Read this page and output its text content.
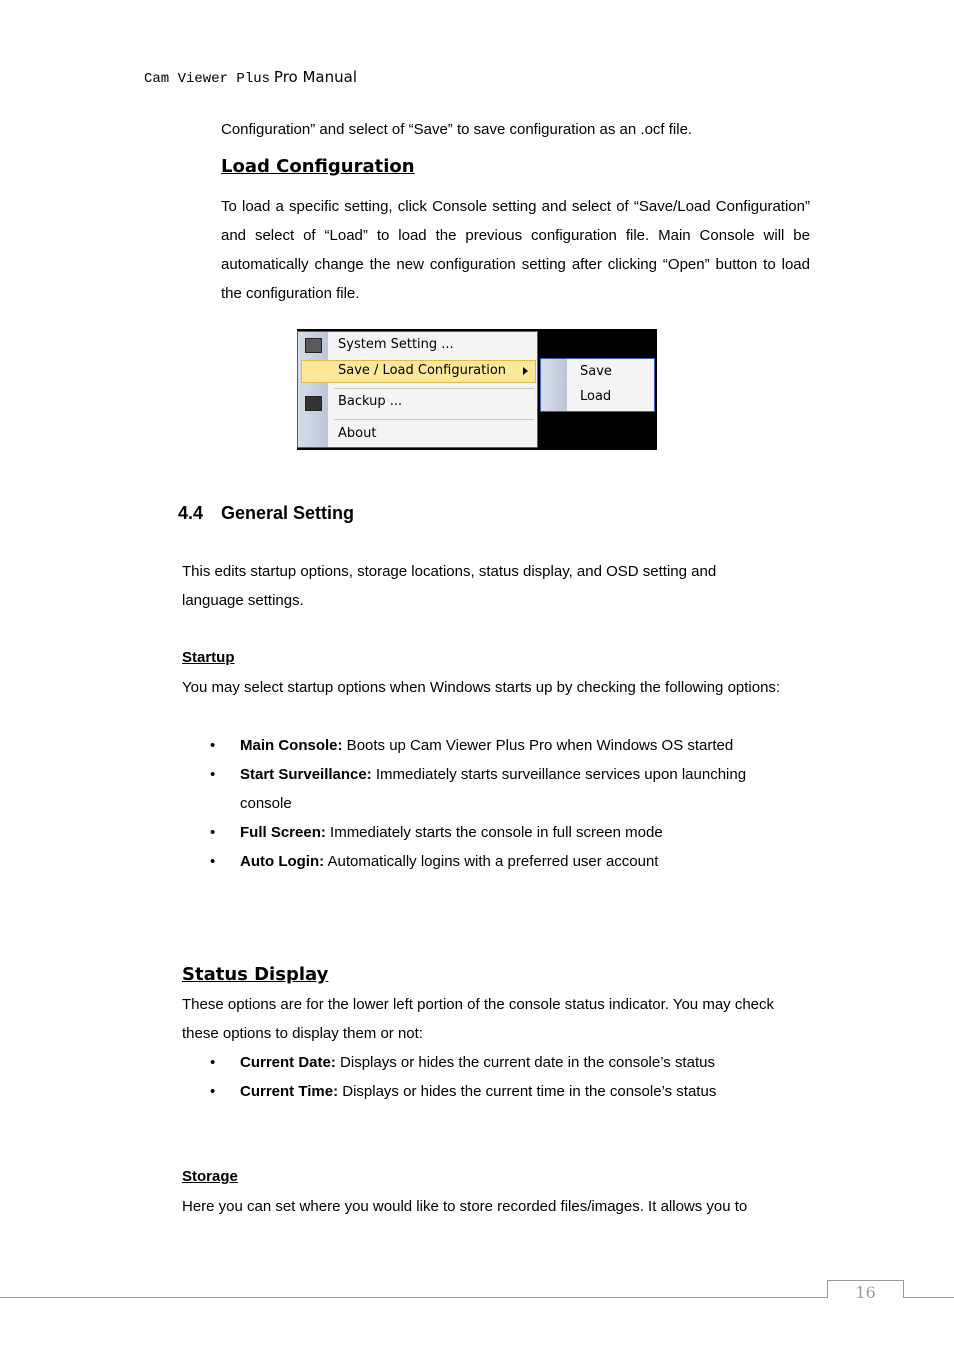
Cam Viewer Plus Pro Manual
Configuration” and select of “Save” to save configuration as an .ocf file.
Load Configuration
To load a specific setting, click Console setting and select of “Save/Load Configuration” and select of “Load” to load the previous configuration file. Main Console will be automatically change the new configuration setting after clicking “Open” button to load the configuration file.
System Setting ...
Save / Load Configuration
Backup ...
About
Save
Load
4.4 General Setting
This edits startup options, storage locations, status display, and OSD setting and language settings.
Startup
You may select startup options when Windows starts up by checking the following options:
• Main Console: Boots up Cam Viewer Plus Pro when Windows OS started
• Start Surveillance: Immediately starts surveillance services upon launching console
• Full Screen: Immediately starts the console in full screen mode
• Auto Login: Automatically logins with a preferred user account
Status Display
These options are for the lower left portion of the console status indicator. You may check these options to display them or not:
• Current Date: Displays or hides the current date in the console’s status
• Current Time: Displays or hides the current time in the console’s status
Storage
Here you can set where you would like to store recorded files/images. It allows you to
16
